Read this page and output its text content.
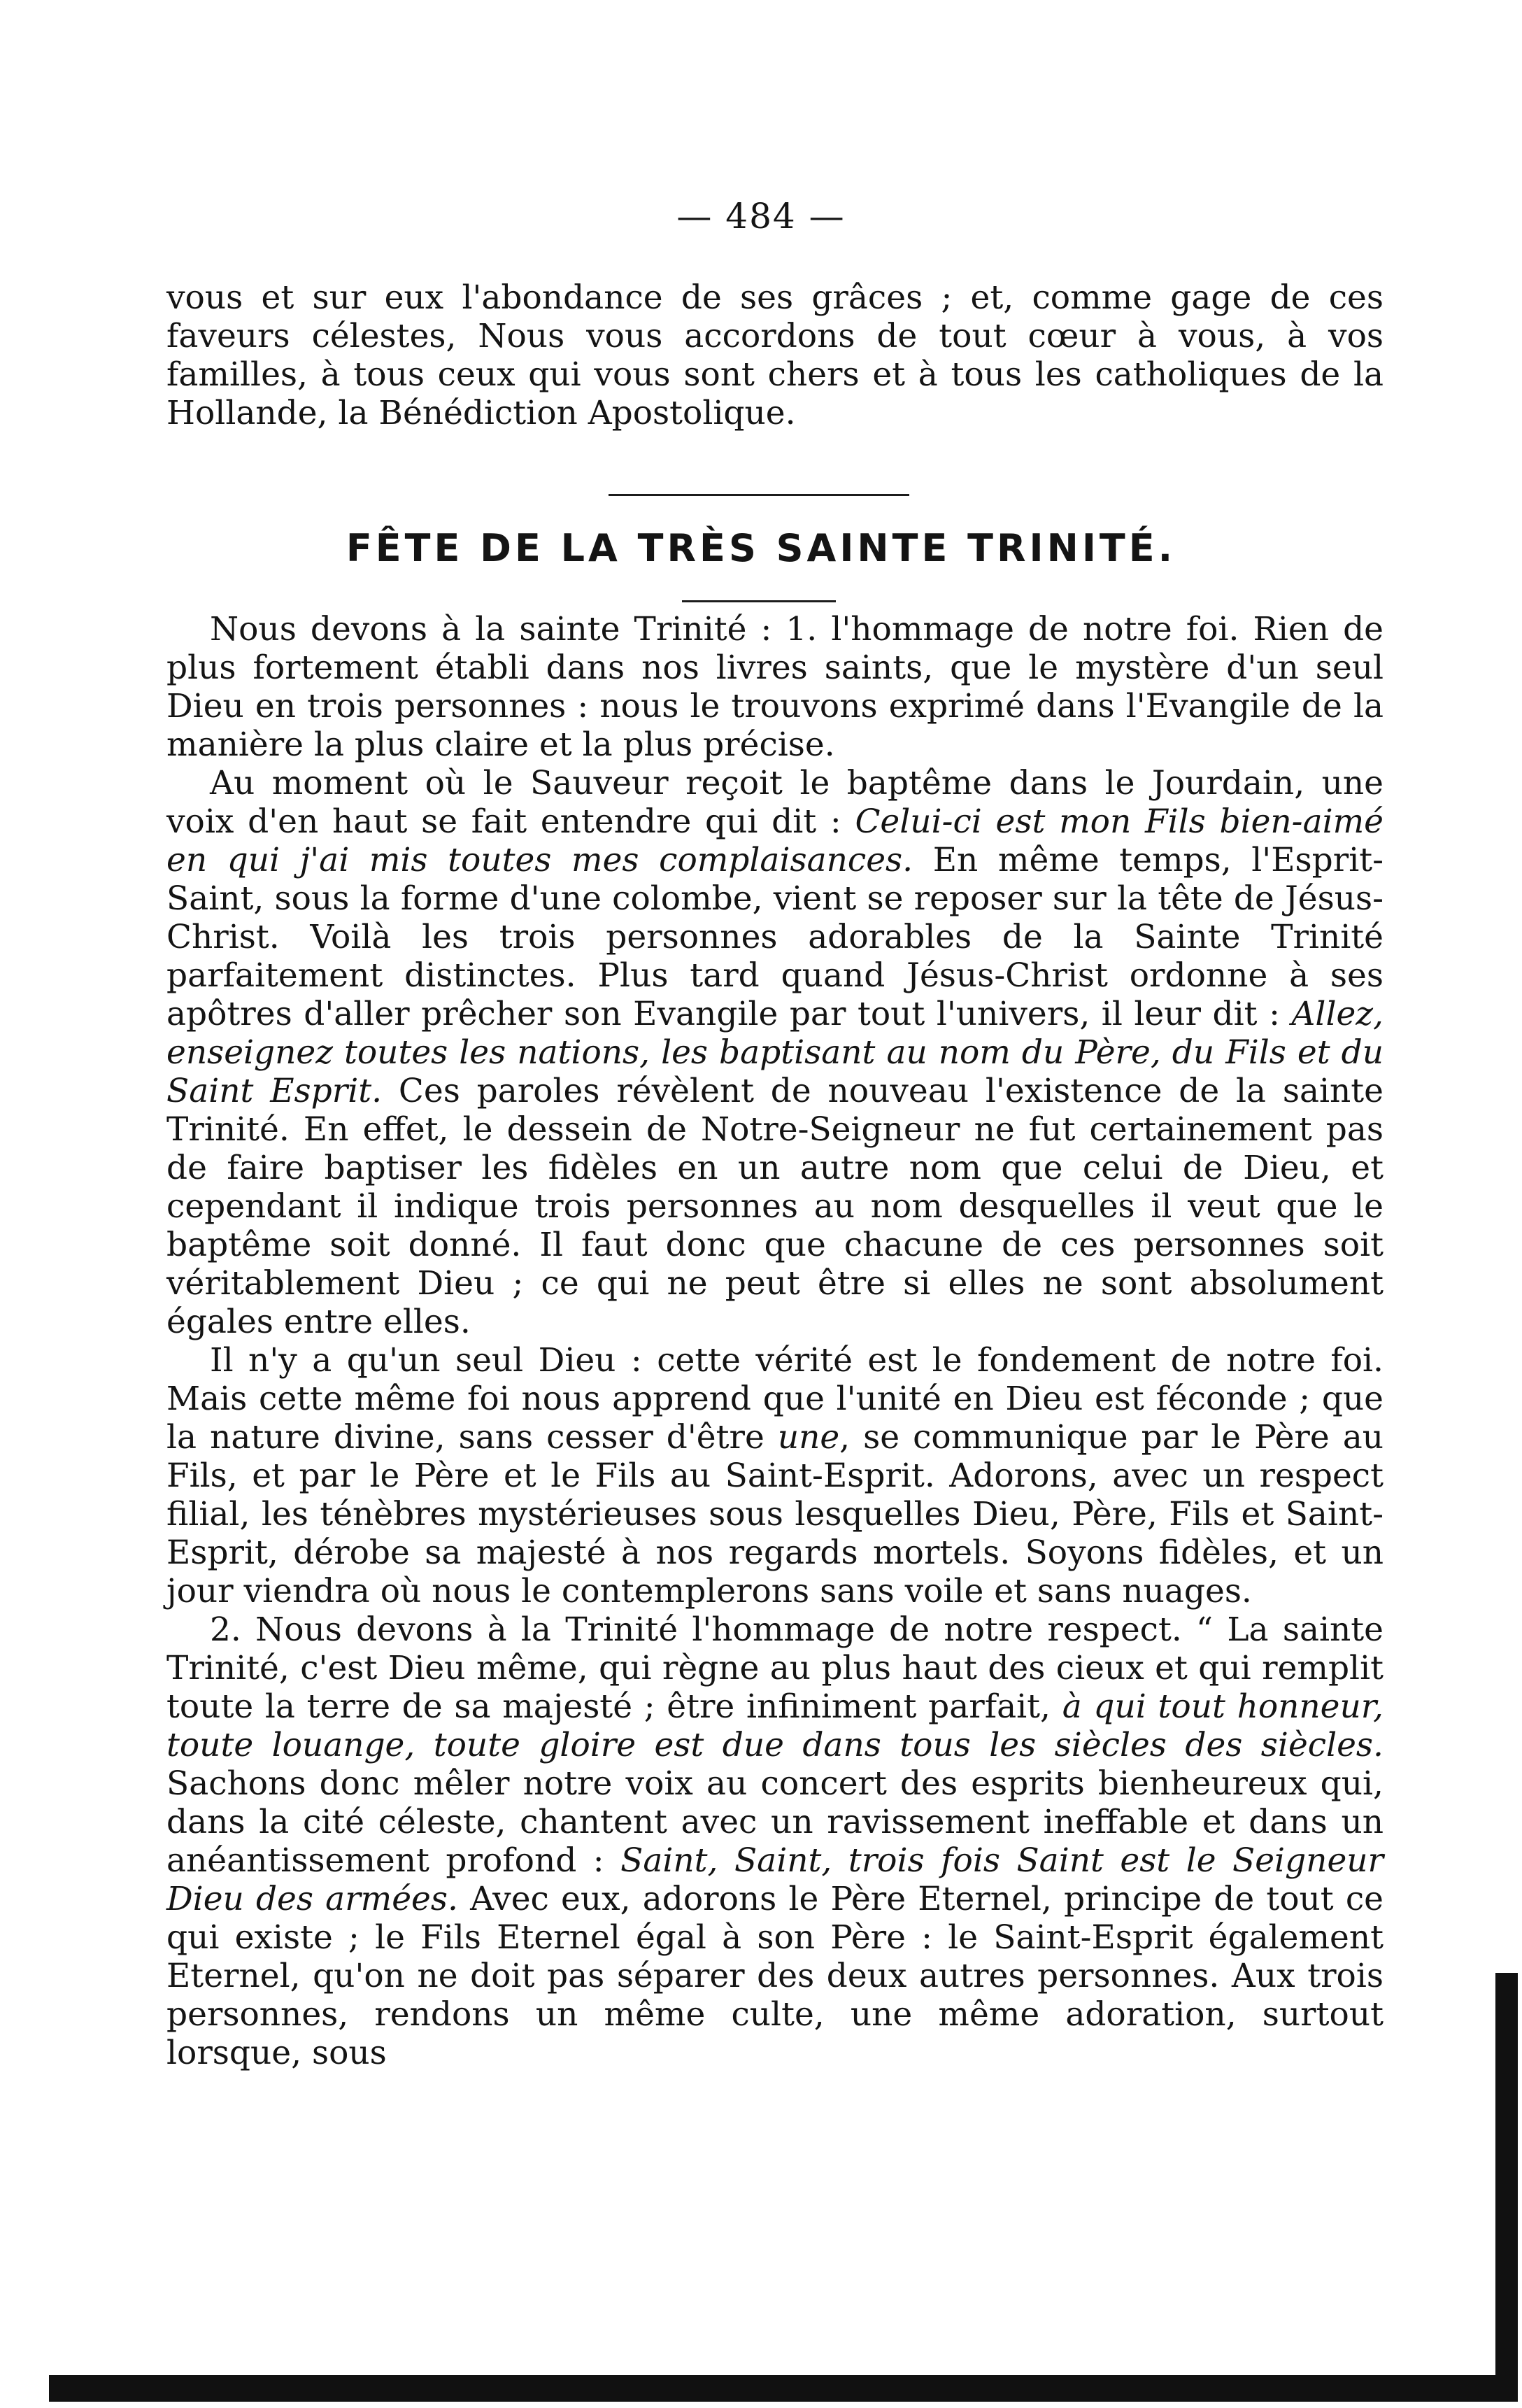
— 484 —

vous et sur eux l'abondance de ses grâces ; et, comme gage de ces faveurs célestes, Nous vous accordons de tout cœur à vous, à vos familles, à tous ceux qui vous sont chers et à tous les catholiques de la Hollande, la Bénédiction Apostolique.

FÊTE DE LA TRÈS SAINTE TRINITÉ.

Nous devons à la sainte Trinité : 1. l'hommage de notre foi. Rien de plus fortement établi dans nos livres saints, que le mystère d'un seul Dieu en trois personnes : nous le trouvons exprimé dans l'Evangile de la manière la plus claire et la plus précise.

Au moment où le Sauveur reçoit le baptême dans le Jourdain, une voix d'en haut se fait entendre qui dit : Celui-ci est mon Fils bien-aimé en qui j'ai mis toutes mes complaisances. En même temps, l'Esprit-Saint, sous la forme d'une colombe, vient se reposer sur la tête de Jésus-Christ. Voilà les trois personnes adorables de la Sainte Trinité parfaitement distinctes. Plus tard quand Jésus-Christ ordonne à ses apôtres d'aller prêcher son Evangile par tout l'univers, il leur dit : Allez, enseignez toutes les nations, les baptisant au nom du Père, du Fils et du Saint Esprit. Ces paroles révèlent de nouveau l'existence de la sainte Trinité. En effet, le dessein de Notre-Seigneur ne fut certainement pas de faire baptiser les fidèles en un autre nom que celui de Dieu, et cependant il indique trois personnes au nom desquelles il veut que le baptême soit donné. Il faut donc que chacune de ces personnes soit véritablement Dieu ; ce qui ne peut être si elles ne sont absolument égales entre elles.

Il n'y a qu'un seul Dieu : cette vérité est le fondement de notre foi. Mais cette même foi nous apprend que l'unité en Dieu est féconde ; que la nature divine, sans cesser d'être une, se communique par le Père au Fils, et par le Père et le Fils au Saint-Esprit. Adorons, avec un respect filial, les ténèbres mystérieuses sous lesquelles Dieu, Père, Fils et Saint-Esprit, dérobe sa majesté à nos regards mortels. Soyons fidèles, et un jour viendra où nous le contemplerons sans voile et sans nuages.

2. Nous devons à la Trinité l'hommage de notre respect. “ La sainte Trinité, c'est Dieu même, qui règne au plus haut des cieux et qui remplit toute la terre de sa majesté ; être infiniment parfait, à qui tout honneur, toute louange, toute gloire est due dans tous les siècles des siècles. Sachons donc mêler notre voix au concert des esprits bienheureux qui, dans la cité céleste, chantent avec un ravissement ineffable et dans un anéantissement profond : Saint, Saint, trois fois Saint est le Seigneur Dieu des armées. Avec eux, adorons le Père Eternel, principe de tout ce qui existe ; le Fils Eternel égal à son Père : le Saint-Esprit également Eternel, qu'on ne doit pas séparer des deux autres personnes. Aux trois personnes, rendons un même culte, une même adoration, surtout lorsque, sous
